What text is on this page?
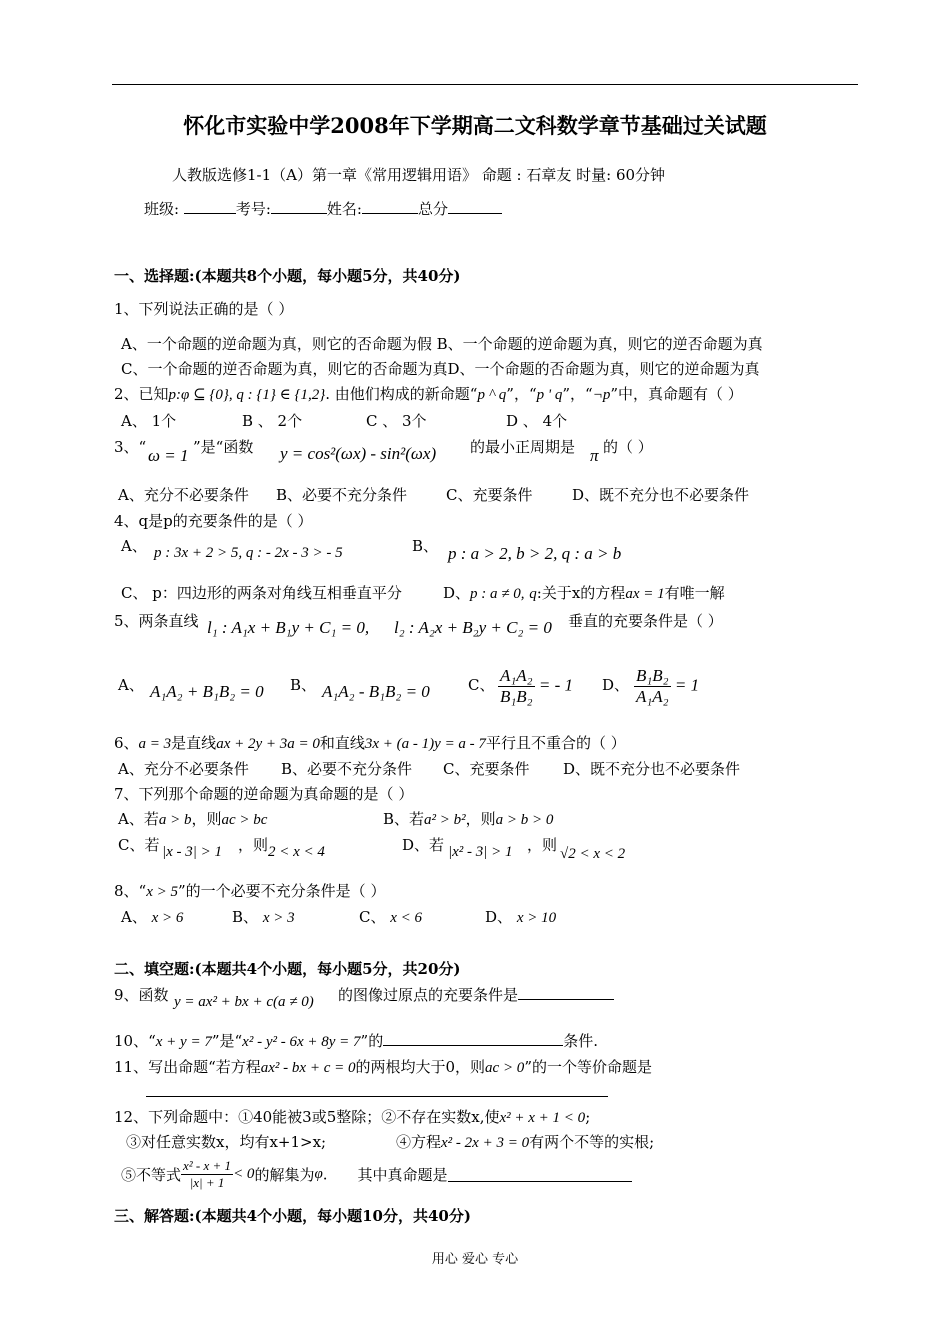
怀化市实验中学2008年下学期高二文科数学章节基础过关试题
人教版选修1-1（A）第一章《常用逻辑用语》 命题 : 石章友 时量: 60分钟
班级:	考号:	姓名:	总分
一、选择题:(本题共8个小题，每小题5分，共40分)
1、下列说法正确的是（ ）
A、一个命题的逆命题为真，则它的否命题为假 B、一个命题的逆命题为真，则它的逆否命题为真
C、一个命题的逆否命题为真，则它的否命题为真D、一个命题的否命题为真，则它的逆命题为真
2、已知p:φ ⊆ {0}, q : {1} ∈ {1,2}. 由他们构成的新命题“p ^ q”，“p ' q”，“¬p”中，真命题有（ ）
A、 1个	B 、 2个	C 、 3个	D 、 4个
3、“ ω = 1 ”是“函数 y = cos²(ωx) - sin²(ωx) 的最小正周期是 π 的（ ）
A、充分不必要条件 B、必要不充分条件	C、充要条件	D、既不充分也不必要条件
4、q是p的充要条件的是（ ）
A、 p : 3x + 2 > 5, q : - 2x - 3 > - 5	B、 p : a > 2, b > 2, q : a > b
C、 p：四边形的两条对角线互相垂直平分	D、p : a ≠ 0, q:关于x的方程ax = 1有唯一解
5、两条直线 l₁ : A₁x + B₁y + C₁ = 0, l₂ : A₂x + B₂y + C₂ = 0 垂直的充要条件是（ ）
A、 A₁A₂ + B₁B₂ = 0 B、 A₁A₂ - B₁B₂ = 0	C、 $\frac{\text{A₁A₂}}{\text{B₁B₂}}$ = - 1 D、 $\frac{\text{B₁B₂}}{\text{A₁A₂}} = 1$
6、a = 3是直线ax + 2y + 3a = 0和直线3x + (a - 1)y = a - 7平行且不重合的（ ）
A、充分不必要条件 B、必要不充分条件 C、充要条件 D、既不充分也不必要条件
7、下列那个命题的逆命题为真命题的是（ ）
A、若a > b，则ac > bc	B、若a² > b²，则a > b > 0
C、若 |x - 3| > 1 ，则 2 < x < 4	D、若 |x² - 3| > 1 ，则 √2 < x < 2
8、“x > 5”的一个必要不充分条件是（ ）
A、 x > 6	B、 x > 3	C、 x < 6	D、 x > 10
二、填空题:(本题共4个小题，每小题5分，共20分)
9、函数 y = ax² + bx + c(a ≠ 0) 的图像过原点的充要条件是
10、“x + y = 7”是“x² - y² - 6x + 8y = 7”的	条件.
11、写出命题“若方程ax² - bx + c = 0的两根均大于0，则ac > 0”的一个等价命题是
12、下列命题中：①40能被3或5整除；②不存在实数x,使x² + x + 1 < 0;
③对任意实数x，均有x+1>x;	④方程x² - 2x + 3 = 0有两个不等的实根;
⑤不等式 $\frac{\text{x² - x + 1}}{|x| + 1} < 0$的解集为φ. 其中真命题是
三、解答题:(本题共4个小题，每小题10分，共40分)
用心 爱心 专心
